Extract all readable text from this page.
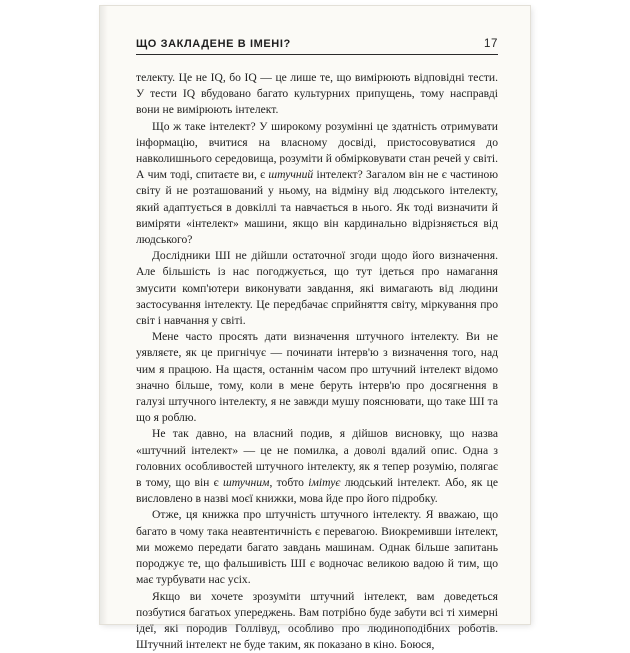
ЩО ЗАКЛАДЕНЕ В ІМЕНІ?	17

телекту. Це не IQ, бо IQ — це лише те, що вимірюють відповідні тести. У тести IQ вбудовано багато культурних припущень, тому насправді вони не вимірюють інтелект.

Що ж таке інтелект? У широкому розумінні це здатність отримувати інформацію, вчитися на власному досвіді, пристосовуватися до навколишнього середовища, розуміти й обмірковувати стан речей у світі. А чим тоді, спитаєте ви, є штучний інтелект? Загалом він не є частиною світу й не розташований у ньому, на відміну від людського інтелекту, який адаптується в довкіллі та навчається в нього. Як тоді визначити й виміряти «інтелект» машини, якщо він кардинально відрізняється від людського?

Дослідники ШІ не дійшли остаточної згоди щодо його визначення. Але більшість із нас погоджується, що тут ідеться про намагання змусити комп'ютери виконувати завдання, які вимагають від людини застосування інтелекту. Це передбачає сприйняття світу, міркування про світ і навчання у світі.

Мене часто просять дати визначення штучного інтелекту. Ви не уявляєте, як це пригнічує — починати інтерв'ю з визначення того, над чим я працюю. На щастя, останнім часом про штучний інтелект відомо значно більше, тому, коли в мене беруть інтерв'ю про досягнення в галузі штучного інтелекту, я не завжди мушу пояснювати, що таке ШІ та що я роблю.

Не так давно, на власний подив, я дійшов висновку, що назва «штучний інтелект» — це не помилка, а доволі вдалий опис. Одна з головних особливостей штучного інтелекту, як я тепер розумію, полягає в тому, що він є штучним, тобто імітує людський інтелект. Або, як це висловлено в назві моєї книжки, мова йде про його підробку.

Отже, ця книжка про штучність штучного інтелекту. Я вважаю, що багато в чому така неавтентичність є перевагою. Виокремивши інтелект, ми можемо передати багато завдань машинам. Однак більше запитань породжує те, що фальшивість ШІ є водночас великою вадою й тим, що має турбувати нас усіх.

Якщо ви хочете зрозуміти штучний інтелект, вам доведеться позбутися багатьох упереджень. Вам потрібно буде забути всі ті химерні ідеї, які породив Голлівуд, особливо про людиноподібних роботів. Штучний інтелект не буде таким, як показано в кіно. Боюся,
